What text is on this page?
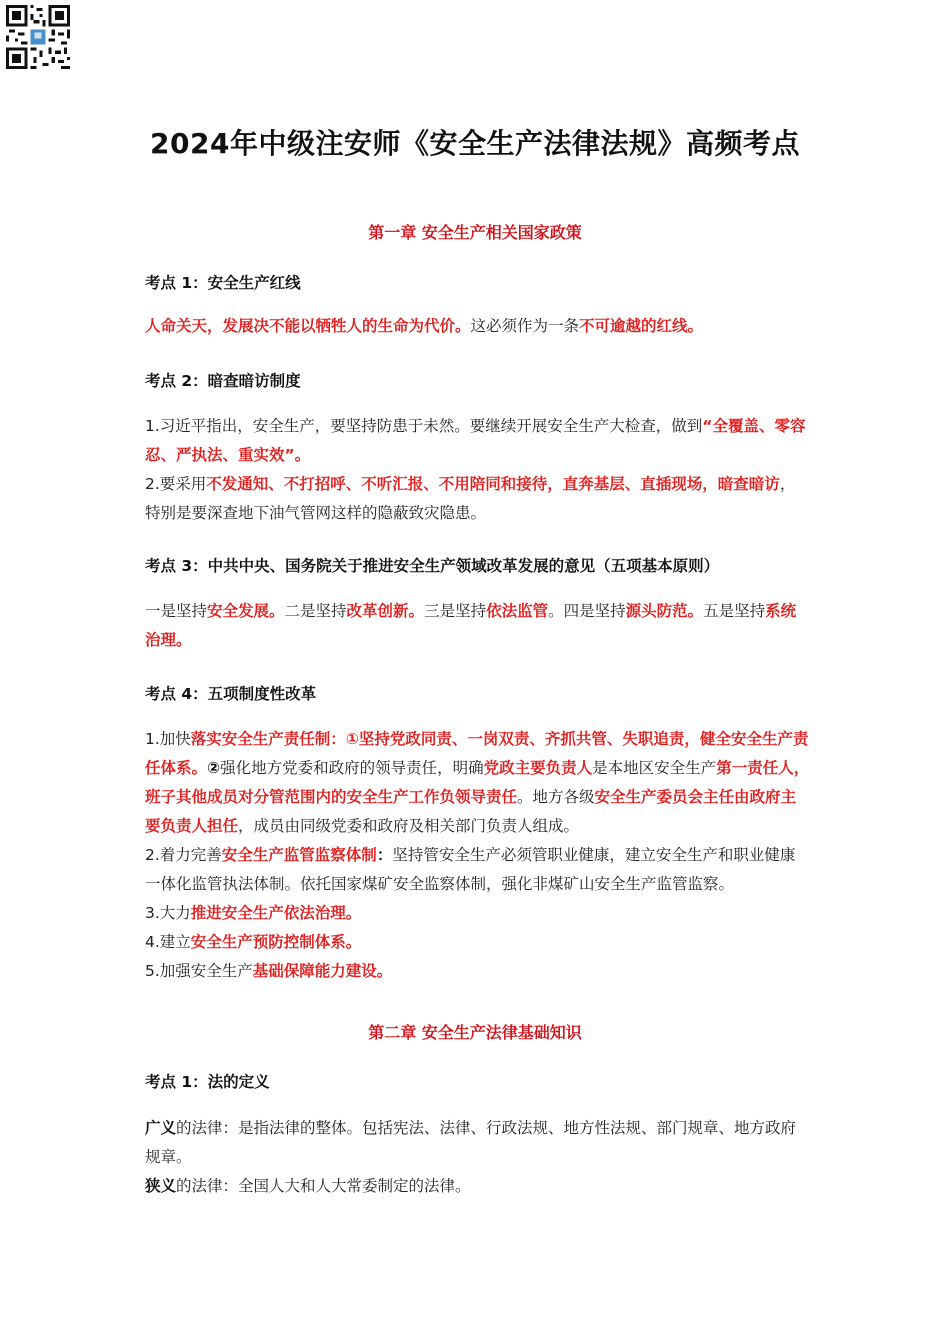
2024年中级注安师《安全生产法律法规》高频考点
第一章 安全生产相关国家政策
考点 1：安全生产红线

人命关天，发展决不能以牺牲人的生命为代价。这必须作为一条不可逾越的红线。

考点 2：暗查暗访制度

1.习近平指出，安全生产，要坚持防患于未然。要继续开展安全生产大检查，做到“全覆盖、零容忍、严执法、重实效”。

2.要采用不发通知、不打招呼、不听汇报、不用陪同和接待，直奔基层、直插现场，暗查暗访，特别是要深查地下油气管网这样的隐蔽致灾隐患。

考点 3：中共中央、国务院关于推进安全生产领域改革发展的意见（五项基本原则）

一是坚持安全发展。二是坚持改革创新。三是坚持依法监管。四是坚持源头防范。五是坚持系统治理。

考点 4：五项制度性改革

1.加快落实安全生产责任制：①坚持党政同责、一岗双责、齐抓共管、失职追责，健全安全生产责任体系。②强化地方党委和政府的领导责任，明确党政主要负责人是本地区安全生产第一责任人，班子其他成员对分管范围内的安全生产工作负领导责任。地方各级安全生产委员会主任由政府主要负责人担任，成员由同级党委和政府及相关部门负责人组成。

2.着力完善安全生产监管监察体制：坚持管安全生产必须管职业健康，建立安全生产和职业健康一体化监管执法体制。依托国家煤矿安全监察体制，强化非煤矿山安全生产监管监察。

3.大力推进安全生产依法治理。

4.建立安全生产预防控制体系。

5.加强安全生产基础保障能力建设。

第二章 安全生产法律基础知识
考点 1：法的定义

广义的法律：是指法律的整体。包括宪法、法律、行政法规、地方性法规、部门规章、地方政府规章。

狭义的法律：全国人大和人大常委制定的法律。
